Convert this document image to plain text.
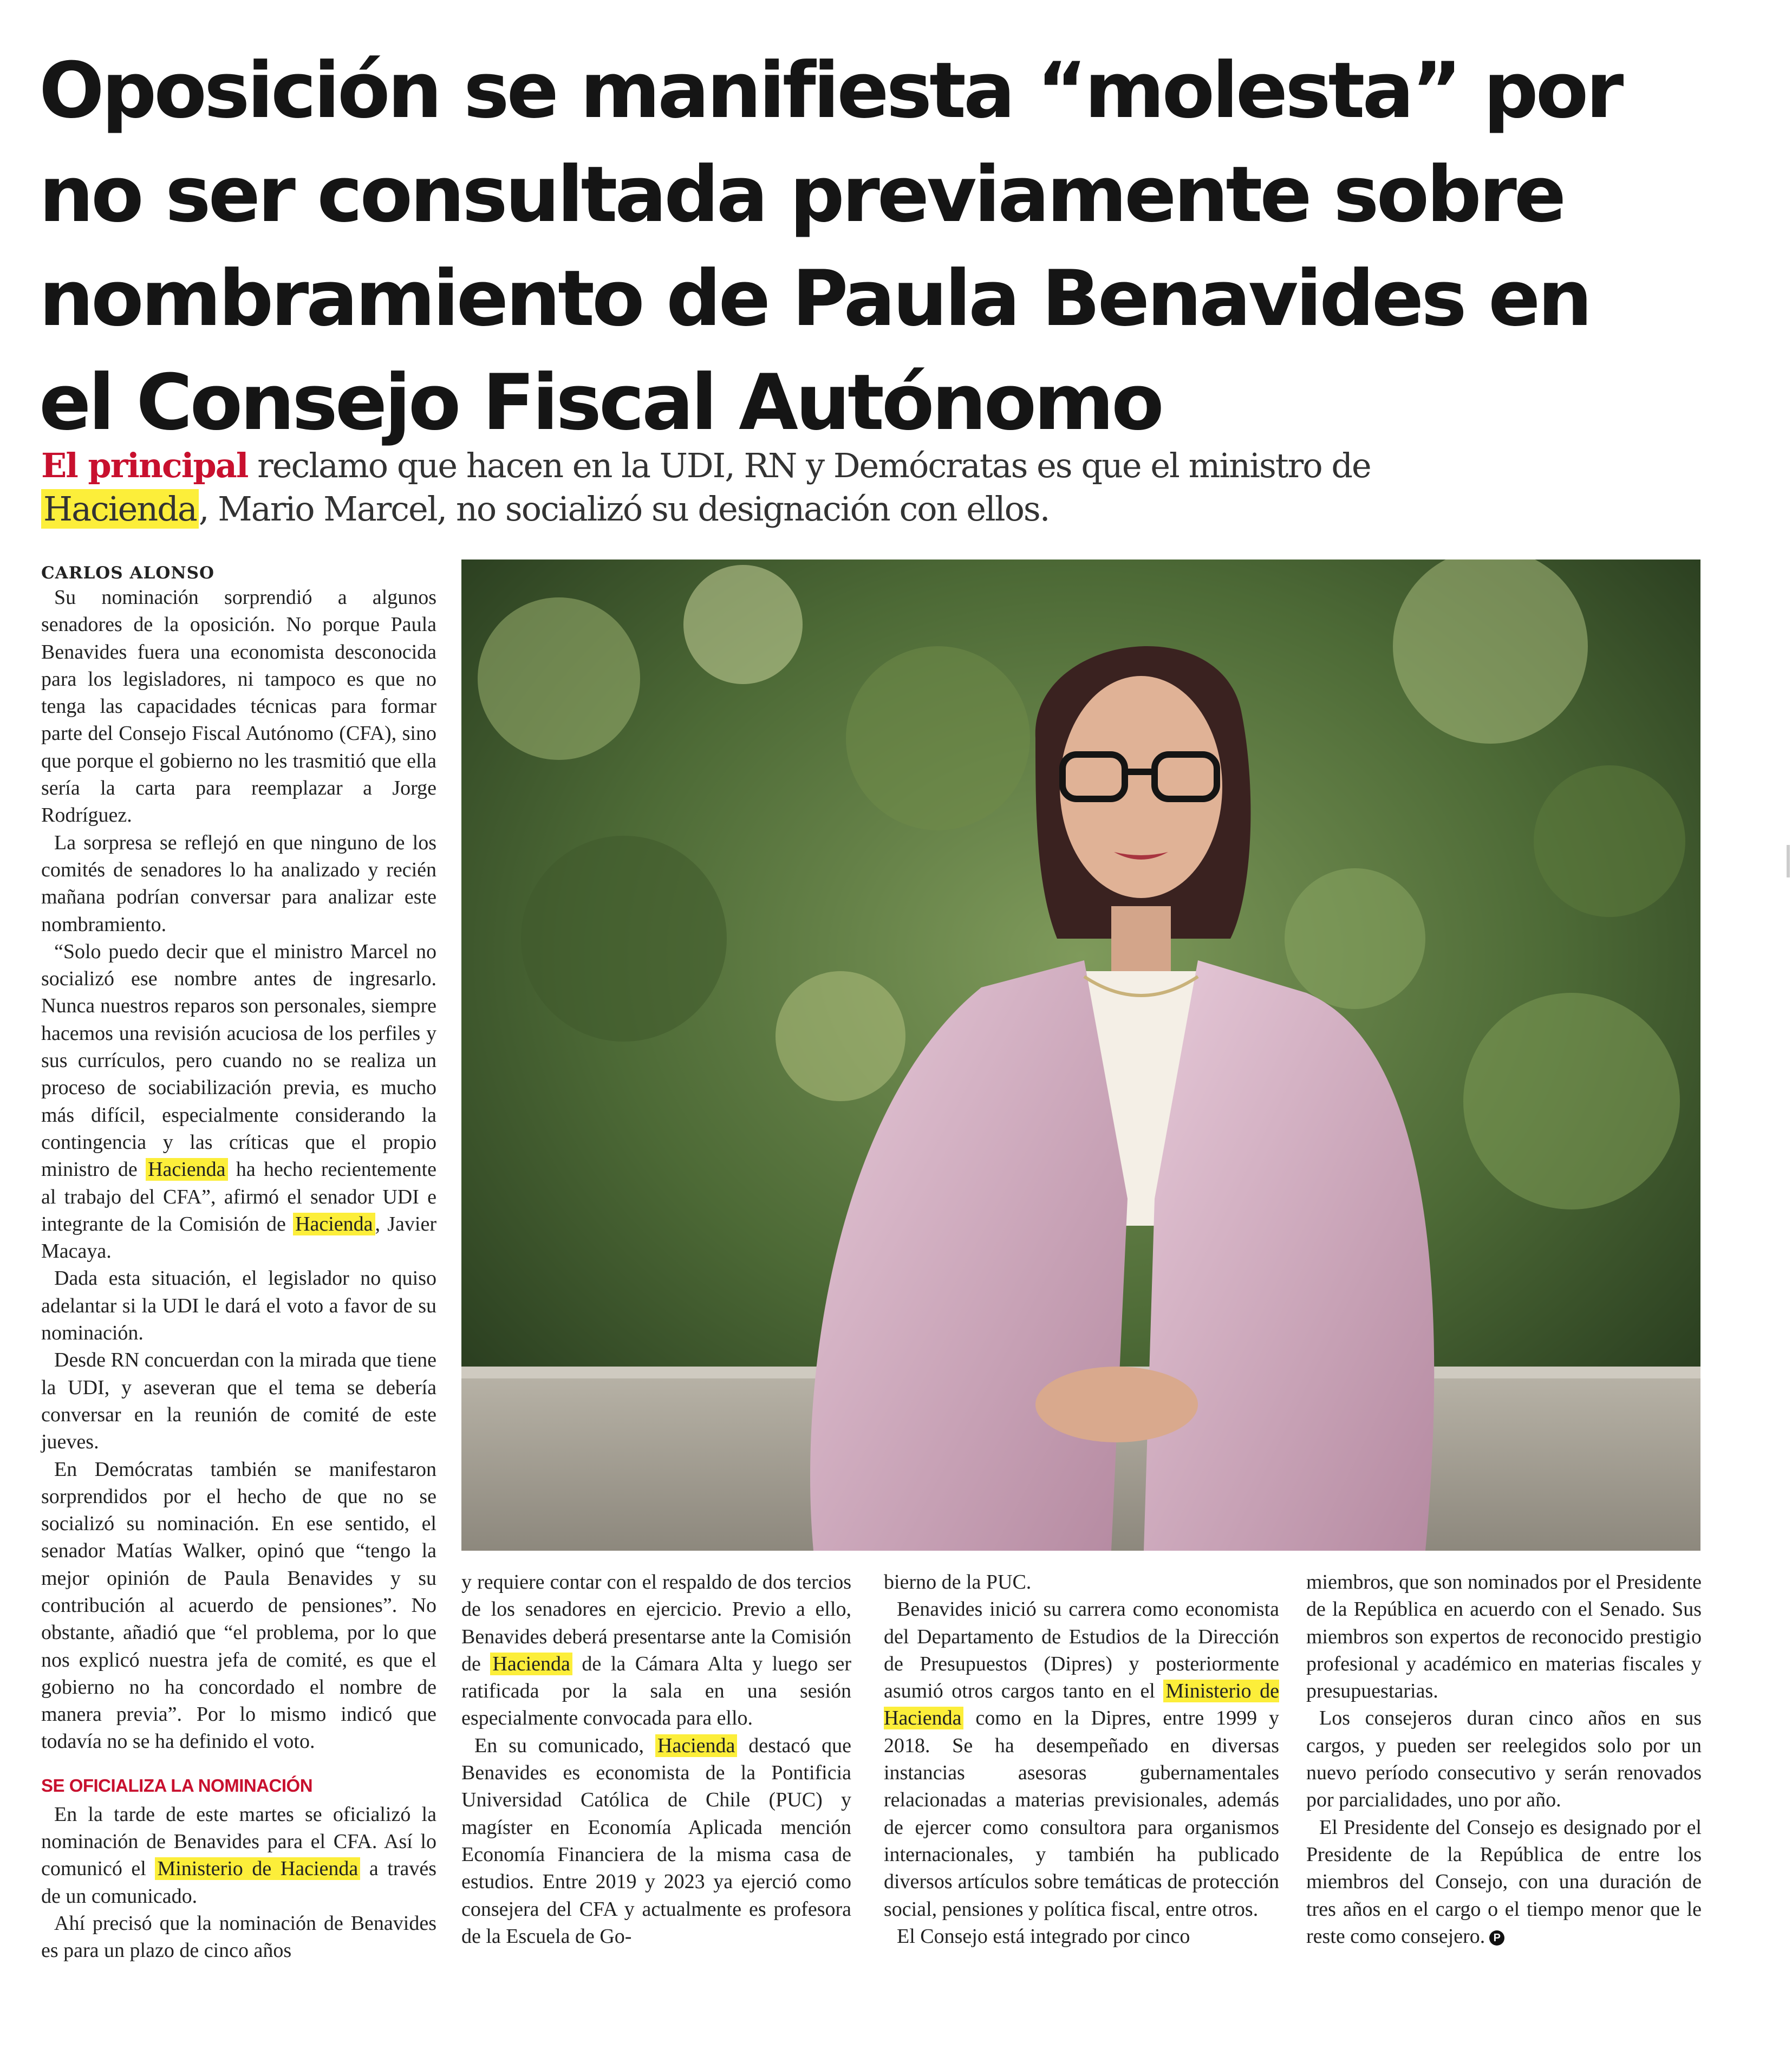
Oposición se manifiesta “molesta” por
no ser consultada previamente sobre
nombramiento de Paula Benavides en
el Consejo Fiscal Autónomo

El principal reclamo que hacen en la UDI, RN y Demócratas es que el ministro de Hacienda, Mario Marcel, no socializó su designación con ellos.

CARLOS ALONSO

Su nominación sorprendió a algunos senadores de la oposición. No porque Paula Benavides fuera una economista desconocida para los legisladores, ni tampoco es que no tenga las capacidades técnicas para formar parte del Consejo Fiscal Autónomo (CFA), sino que porque el gobierno no les trasmitió que ella sería la carta para reemplazar a Jorge Rodríguez.

La sorpresa se reflejó en que ninguno de los comités de senadores lo ha analizado y recién mañana podrían conversar para analizar este nombramiento.

“Solo puedo decir que el ministro Marcel no socializó ese nombre antes de ingresarlo. Nunca nuestros reparos son personales, siempre hacemos una revisión acuciosa de los perfiles y sus currículos, pero cuando no se realiza un proceso de sociabilización previa, es mucho más difícil, especialmente considerando la contingencia y las críticas que el propio ministro de Hacienda ha hecho recientemente al trabajo del CFA”, afirmó el senador UDI e integrante de la Comisión de Hacienda , Javier Macaya.

Dada esta situación, el legislador no quiso adelantar si la UDI le dará el voto a favor de su nominación.

Desde RN concuerdan con la mirada que tiene la UDI, y aseveran que el tema se debería conversar en la reunión de comité de este jueves.

En Demócratas también se manifestaron sorprendidos por el hecho de que no se socializó su nominación. En ese sentido, el senador Matías Walker, opinó que “tengo la mejor opinión de Paula Benavides y su contribución al acuerdo de pensiones”. No obstante, añadió que “el problema, por lo que nos explicó nuestra jefa de comité, es que el gobierno no ha concordado el nombre de manera previa”. Por lo mismo indicó que todavía no se ha definido el voto.

SE OFICIALIZA LA NOMINACIÓN

En la tarde de este martes se oficializó la nominación de Benavides para el CFA. Así lo comunicó el Ministerio de Hacienda a través de un comunicado.

Ahí precisó que la nominación de Benavides es para un plazo de cinco años

y requiere contar con el respaldo de dos tercios de los senadores en ejercicio. Previo a ello, Benavides deberá presentarse ante la Comisión de Hacienda de la Cámara Alta y luego ser ratificada por la sala en una sesión especialmente convocada para ello.

En su comunicado, Hacienda destacó que Benavides es economista de la Pontificia Universidad Católica de Chile (PUC) y magíster en Economía Aplicada mención Economía Financiera de la misma casa de estudios. Entre 2019 y 2023 ya ejerció como consejera del CFA y actualmente es profesora de la Escuela de Go-

bierno de la PUC.

Benavides inició su carrera como economista del Departamento de Estudios de la Dirección de Presupuestos (Dipres) y posteriormente asumió otros cargos tanto en el Ministerio de Hacienda como en la Dipres, entre 1999 y 2018. Se ha desempeñado en diversas instancias asesoras gubernamentales relacionadas a materias previsionales, además de ejercer como consultora para organismos internacionales, y también ha publicado diversos artículos sobre temáticas de protección social, pensiones y política fiscal, entre otros.

El Consejo está integrado por cinco

miembros, que son nominados por el Presidente de la República en acuerdo con el Senado. Sus miembros son expertos de reconocido prestigio profesional y académico en materias fiscales y presupuestarias.

Los consejeros duran cinco años en sus cargos, y pueden ser reelegidos solo por un nuevo período consecutivo y serán renovados por parcialidades, uno por año.

El Presidente del Consejo es designado por el Presidente de la República de entre los miembros del Consejo, con una duración de tres años en el cargo o el tiempo menor que le reste como consejero. P
